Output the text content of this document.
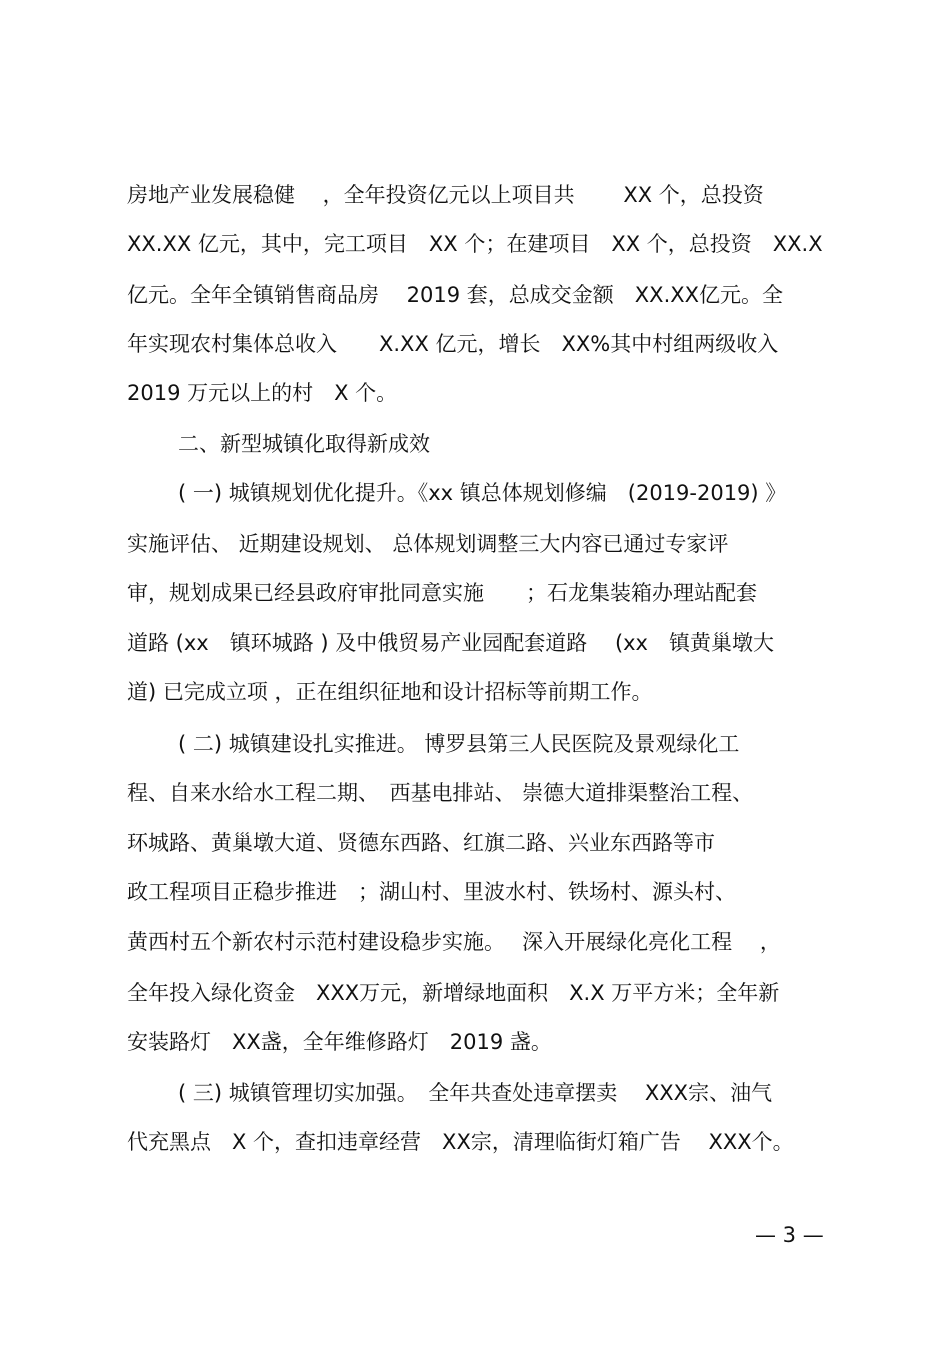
房地产业发展稳健　 ，全年投资亿元以上项目共　　 XX 个，总投资
XX.XX 亿元，其中，完工项目　XX 个；在建项目　XX 个，总投资　XX.X
亿元。全年全镇销售商品房　 2019 套，总成交金额　XX.XX亿元。全
年实现农村集体总收入　　X.XX 亿元，增长　XX%其中村组两级收入
2019 万元以上的村　X 个。
二、新型城镇化取得新成效
( 一) 城镇规划优化提升。《xx 镇总体规划修编　(2019-2019) 》
实施评估、 近期建设规划、 总体规划调整三大内容已通过专家评
审，规划成果已经县政府审批同意实施　　；石龙集装箱办理站配套
道路 (xx　镇环城路 ) 及中俄贸易产业园配套道路　 (xx　镇黄巢墩大
道) 已完成立项 ，正在组织征地和设计招标等前期工作。
( 二) 城镇建设扎实推进。 博罗县第三人民医院及景观绿化工
程、自来水给水工程二期、　西基电排站、 崇德大道排渠整治工程、
环城路、黄巢墩大道、贤德东西路、红旗二路、兴业东西路等市
政工程项目正稳步推进　；湖山村、里波水村、铁场村、源头村、
黄西村五个新农村示范村建设稳步实施。　 深入开展绿化亮化工程　 ，
全年投入绿化资金　XXX万元，新增绿地面积　X.X 万平方米；全年新
安装路灯　XX盏，全年维修路灯　2019 盏。
( 三) 城镇管理切实加强。　全年共查处违章摆卖　 XXX宗、油气
代充黑点　X 个，查扣违章经营　XX宗，清理临街灯箱广告　 XXX个。
— 3 —
